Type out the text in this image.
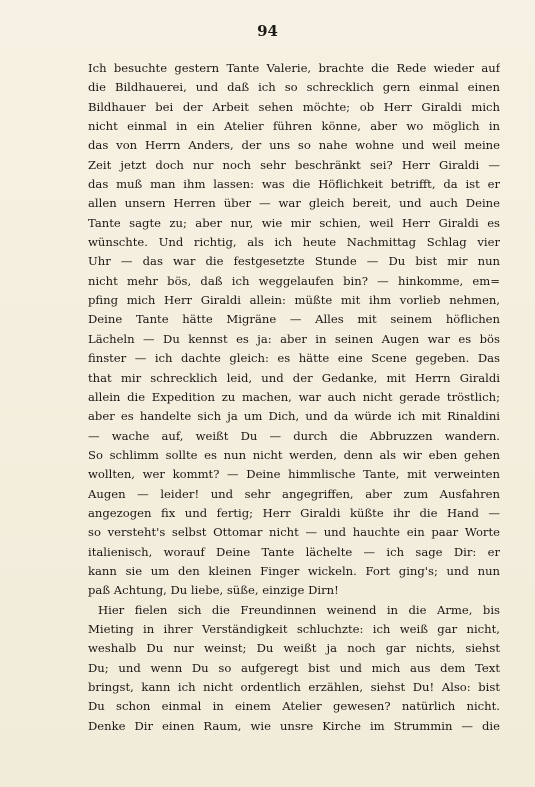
94
Ich besuchte gestern Tante Valerie, brachte die Rede wieder auf
die Bildhauerei, und daß ich so schrecklich gern einmal einen
Bildhauer bei der Arbeit sehen möchte; ob Herr Giraldi mich
nicht einmal in ein Atelier führen könne, aber wo möglich in
das von Herrn Anders, der uns so nahe wohne und weil meine
Zeit jetzt doch nur noch sehr beschränkt sei? Herr Giraldi —
das muß man ihm lassen: was die Höflichkeit betrifft, da ist er
allen unsern Herren über — war gleich bereit, und auch Deine
Tante sagte zu; aber nur, wie mir schien, weil Herr Giraldi es
wünschte. Und richtig, als ich heute Nachmittag Schlag vier
Uhr — das war die festgesetzte Stunde — Du bist mir nun
nicht mehr bös, daß ich weggelaufen bin? — hinkomme, em=
pfing mich Herr Giraldi allein: müßte mit ihm vorlieb nehmen,
Deine Tante hätte Migräne — Alles mit seinem höflichen
Lächeln — Du kennst es ja: aber in seinen Augen war es bös
finster — ich dachte gleich: es hätte eine Scene gegeben. Das
that mir schrecklich leid, und der Gedanke, mit Herrn Giraldi
allein die Expedition zu machen, war auch nicht gerade tröstlich;
aber es handelte sich ja um Dich, und da würde ich mit Rinaldini
— wache auf, weißt Du — durch die Abbruzzen wandern.
So schlimm sollte es nun nicht werden, denn als wir eben gehen
wollten, wer kommt? — Deine himmlische Tante, mit verweinten
Augen — leider! und sehr angegriffen, aber zum Ausfahren
angezogen fix und fertig; Herr Giraldi küßte ihr die Hand —
so versteht's selbst Ottomar nicht — und hauchte ein paar Worte
italienisch, worauf Deine Tante lächelte — ich sage Dir: er
kann sie um den kleinen Finger wickeln. Fort ging's; und nun
paß Achtung, Du liebe, süße, einzige Dirn!
Hier fielen sich die Freundinnen weinend in die Arme, bis
Mieting in ihrer Verständigkeit schluchzte: ich weiß gar nicht,
weshalb Du nur weinst; Du weißt ja noch gar nichts, siehst
Du; und wenn Du so aufgeregt bist und mich aus dem Text
bringst, kann ich nicht ordentlich erzählen, siehst Du! Also: bist
Du schon einmal in einem Atelier gewesen? natürlich nicht.
Denke Dir einen Raum, wie unsre Kirche im Strummin — die
